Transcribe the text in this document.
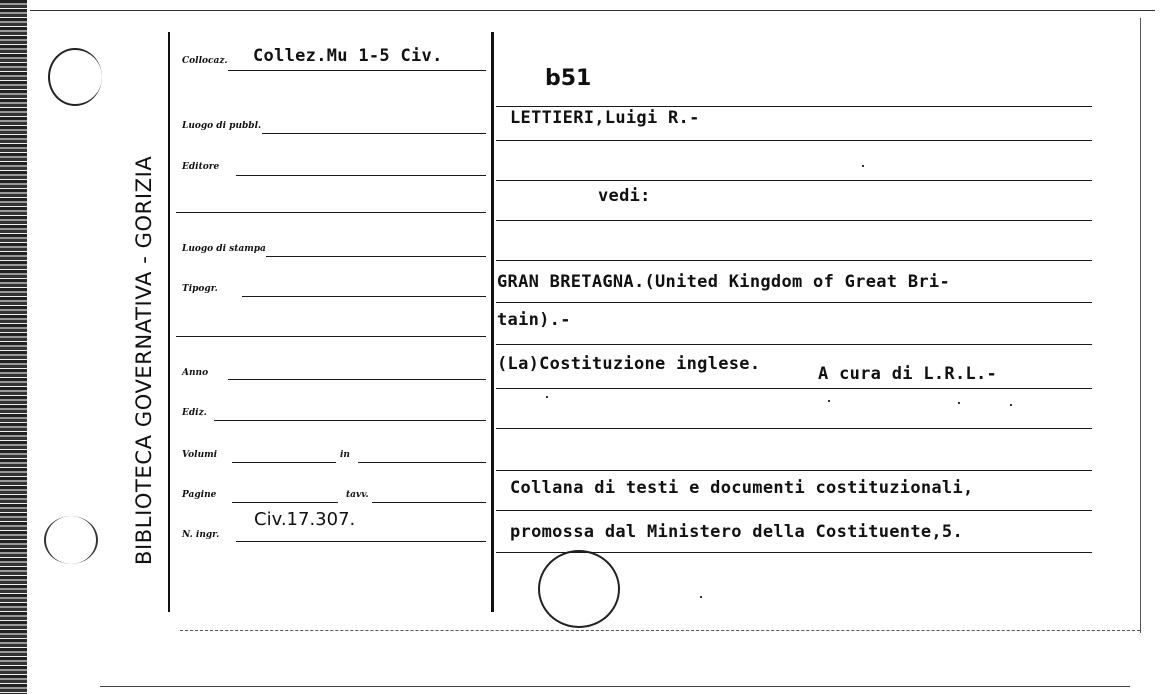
BIBLIOTECA GOVERNATIVA - GORIZIA
Collocaz. Collez.Mu 1-5 Civ.
Luogo di pubbl.
Editore
Luogo di stampa
Tipogr.
Anno
Ediz.
Volumi	in
Pagine	tavv.
N. ingr.
Civ.17.307.
b51
LETTIERI,Luigi R.-
vedi:
GRAN BRETAGNA.(United Kingdom of Great Bri-
tain).-
(La)Costituzione inglese.	A cura di L.R.L.-
Collana di testi e documenti costituzionali,
promossa dal Ministero della Costituente,5.
